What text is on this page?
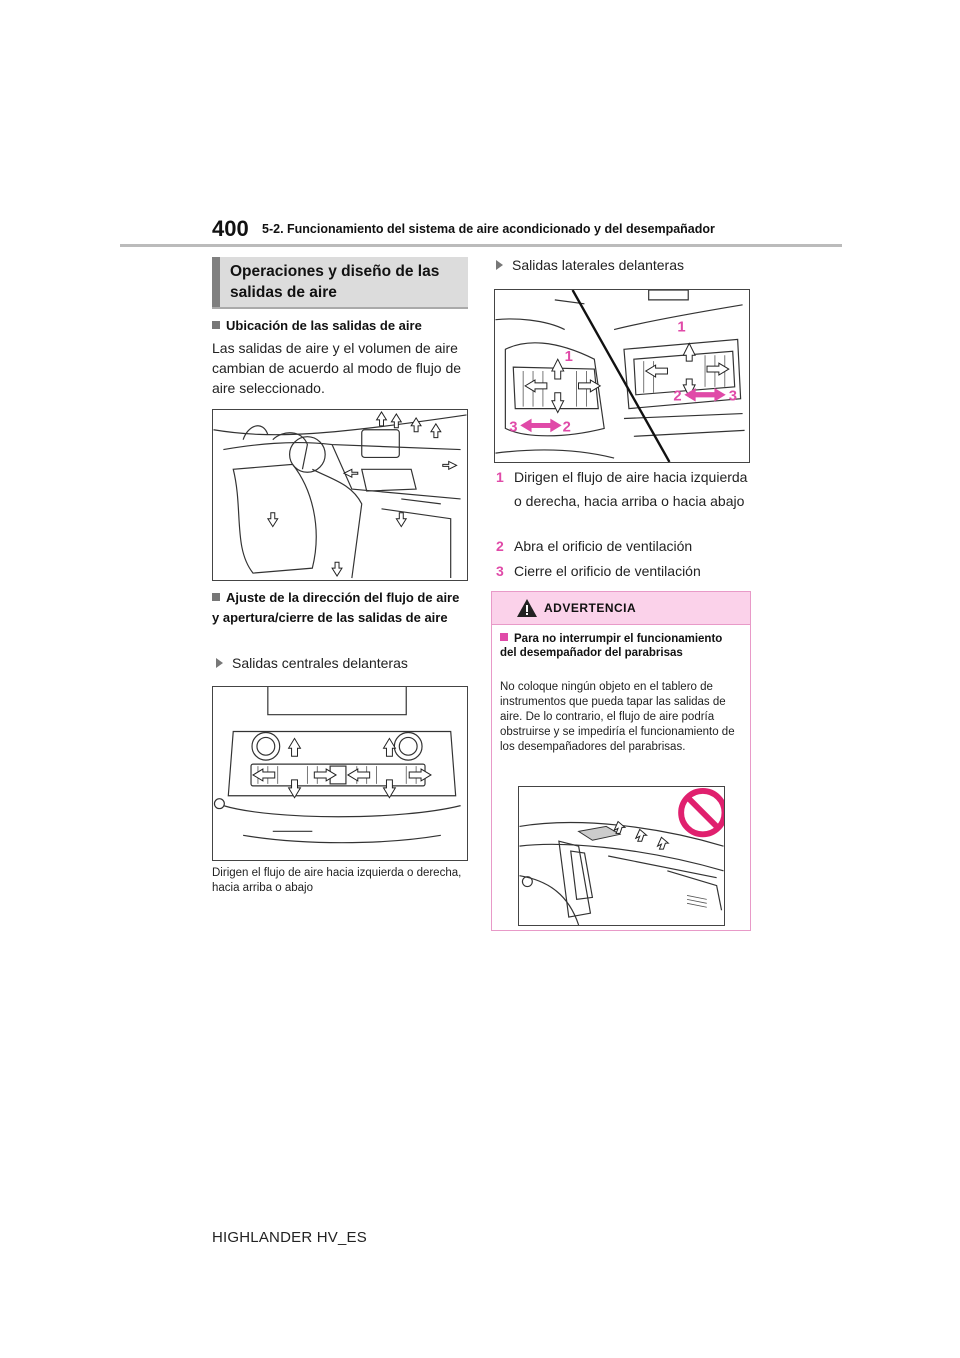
400 5-2. Funcionamiento del sistema de aire acondicionado y del desempañador
Operaciones y diseño de las salidas de aire
Ubicación de las salidas de aire
Las salidas de aire y el volumen de aire cambian de acuerdo al modo de flujo de aire seleccionado.
Ajuste de la dirección del flujo de aire y apertura/cierre de las salidas de aire
Salidas centrales delanteras
Dirigen el flujo de aire hacia izquierda o derecha, hacia arriba o abajo
Salidas laterales delanteras
1
1
2	3
3	2
1 Dirigen el flujo de aire hacia izquierda o derecha, hacia arriba o hacia abajo
2 Abra el orificio de ventilación
3 Cierre el orificio de ventilación
ADVERTENCIA
Para no interrumpir el funcionamiento del desempañador del parabrisas
No coloque ningún objeto en el tablero de instrumentos que pueda tapar las salidas de aire. De lo contrario, el flujo de aire podría obstruirse y se impediría el funcionamiento de los desempañadores del parabrisas.
HIGHLANDER HV_ES
